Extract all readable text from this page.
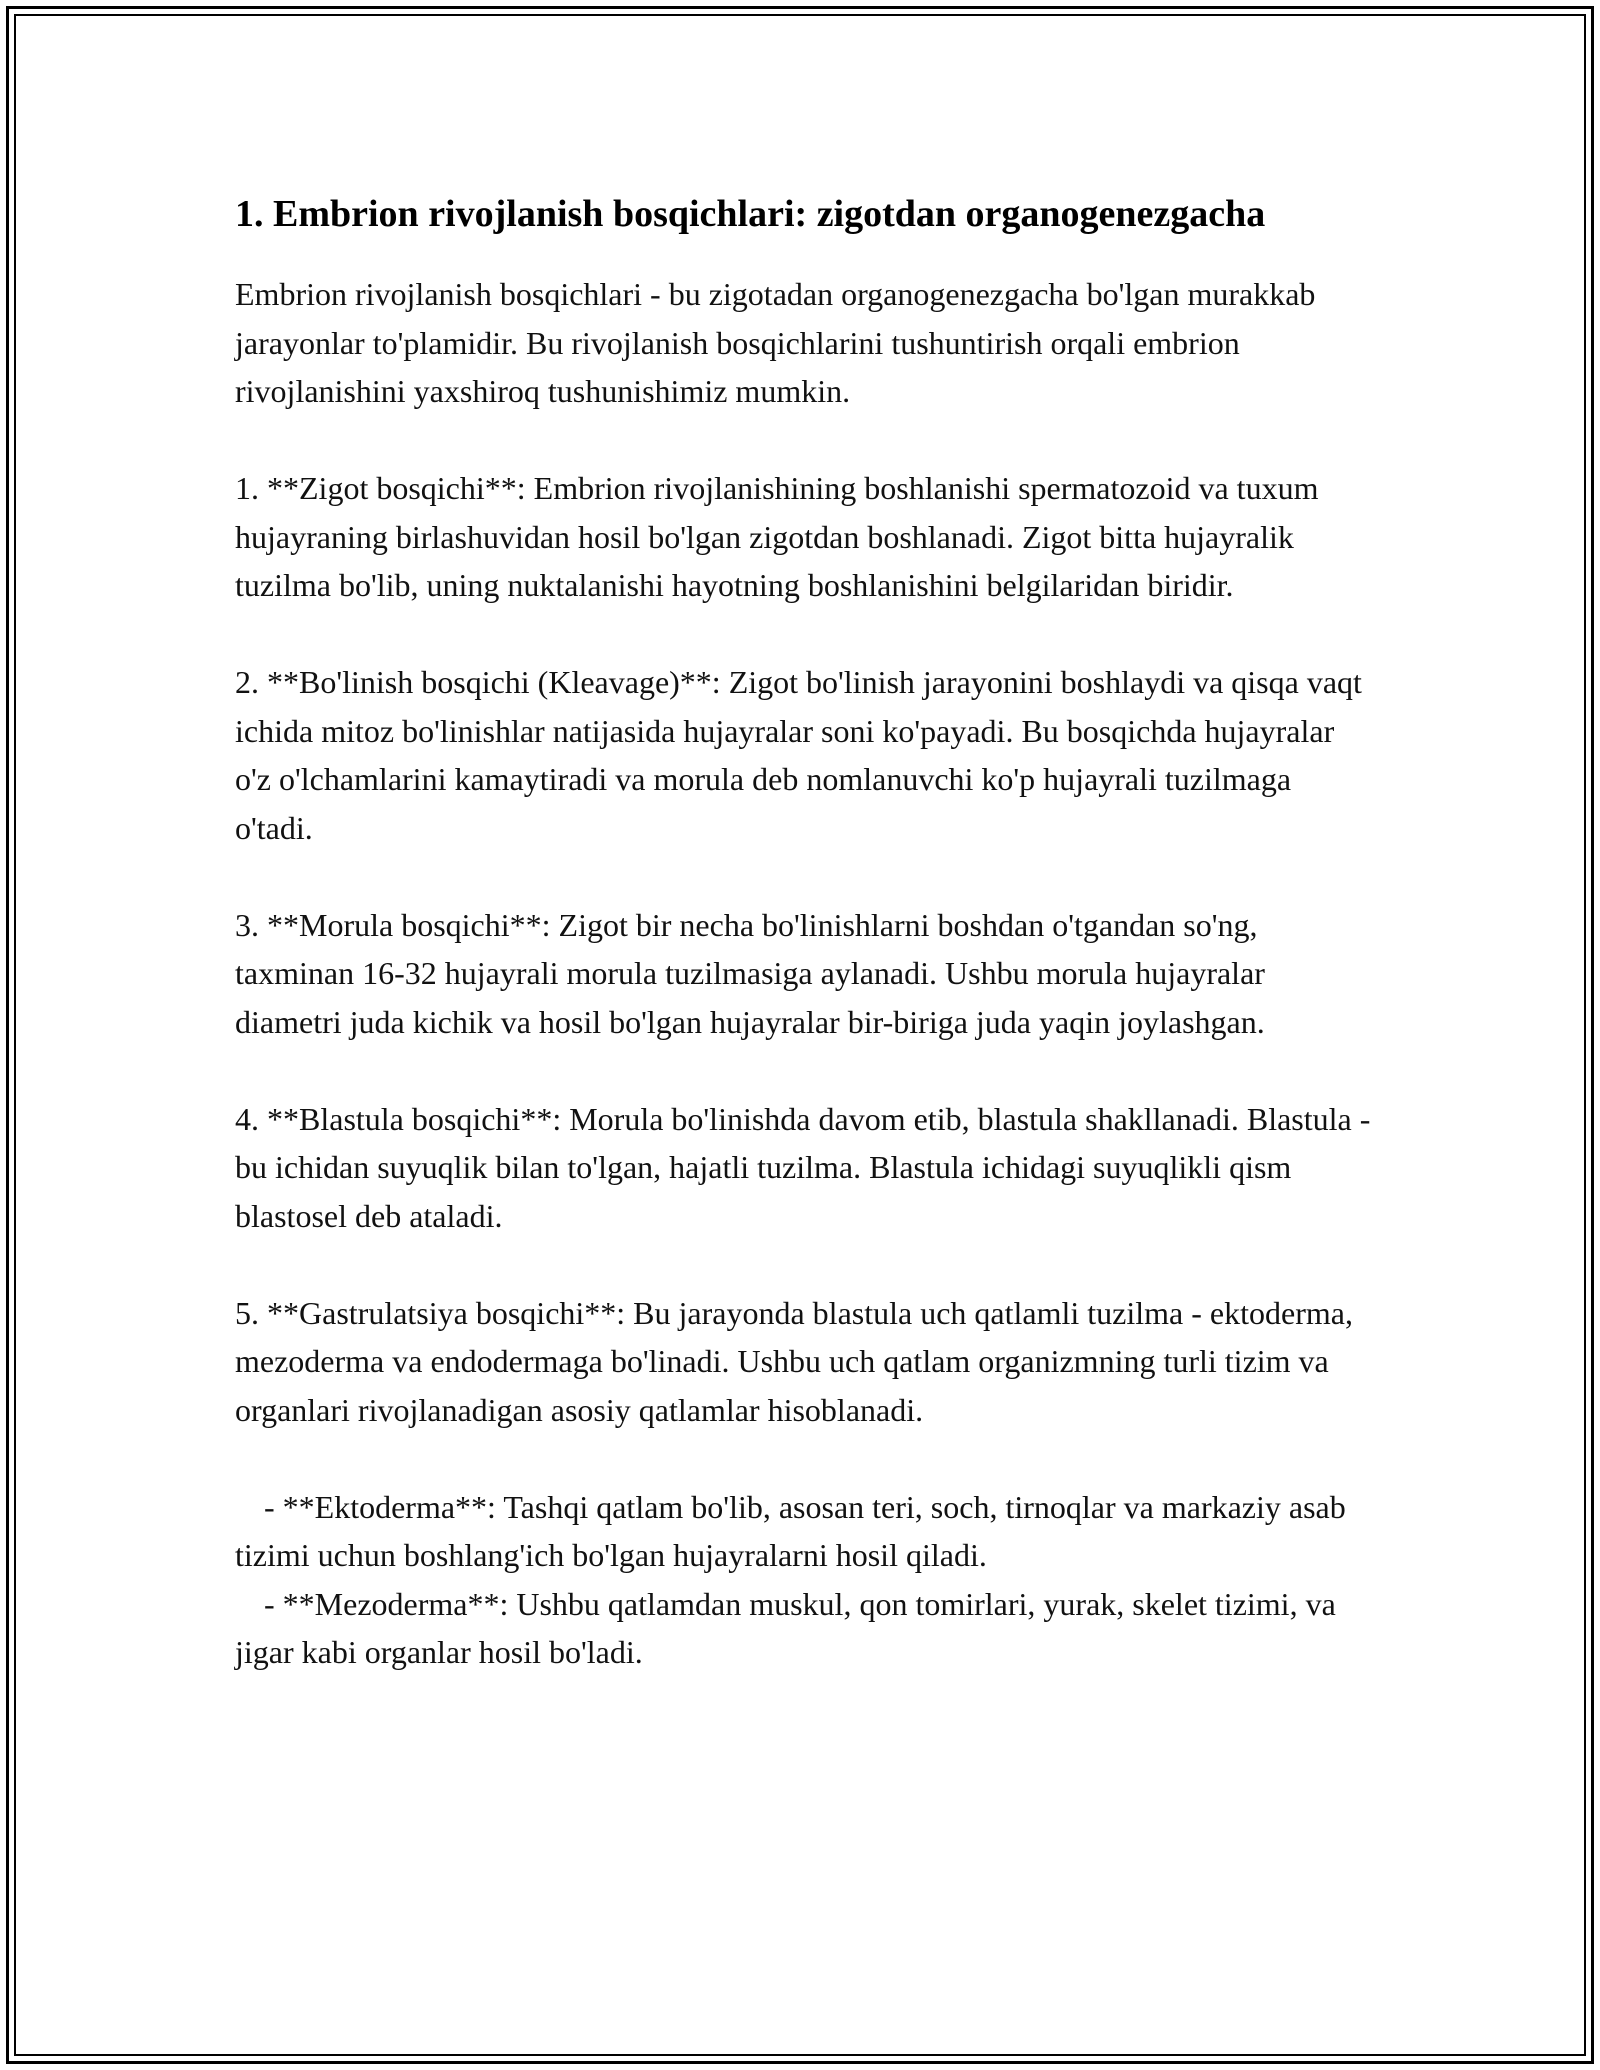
1. Embrion rivojlanish bosqichlari: zigotdan organogenezgacha

Embrion rivojlanish bosqichlari - bu zigotadan organogenezgacha bo'lgan murakkab jarayonlar to'plamidir. Bu rivojlanish bosqichlarini tushuntirish orqali embrion rivojlanishini yaxshiroq tushunishimiz mumkin.

1. **Zigot bosqichi**: Embrion rivojlanishining boshlanishi spermatozoid va tuxum hujayraning birlashuvidan hosil bo'lgan zigotdan boshlanadi. Zigot bitta hujayralik tuzilma bo'lib, uning nuktalanishi hayotning boshlanishini belgilaridan biridir.

2. **Bo'linish bosqichi (Kleavage)**: Zigot bo'linish jarayonini boshlaydi va qisqa vaqt ichida mitoz bo'linishlar natijasida hujayralar soni ko'payadi. Bu bosqichda hujayralar o'z o'lchamlarini kamaytiradi va morula deb nomlanuvchi ko'p hujayrali tuzilmaga o'tadi.

3. **Morula bosqichi**: Zigot bir necha bo'linishlarni boshdan o'tgandan so'ng, taxminan 16-32 hujayrali morula tuzilmasiga aylanadi. Ushbu morula hujayralar diametri juda kichik va hosil bo'lgan hujayralar bir-biriga juda yaqin joylashgan.

4. **Blastula bosqichi**: Morula bo'linishda davom etib, blastula shakllanadi. Blastula - bu ichidan suyuqlik bilan to'lgan, hajatli tuzilma. Blastula ichidagi suyuqlikli qism blastosel deb ataladi.

5. **Gastrulatsiya bosqichi**: Bu jarayonda blastula uch qatlamli tuzilma - ektoderma, mezoderma va endodermaga bo'linadi. Ushbu uch qatlam organizmning turli tizim va organlari rivojlanadigan asosiy qatlamlar hisoblanadi.

- **Ektoderma**: Tashqi qatlam bo'lib, asosan teri, soch, tirnoqlar va markaziy asab tizimi uchun boshlang'ich bo'lgan hujayralarni hosil qiladi.

- **Mezoderma**: Ushbu qatlamdan muskul, qon tomirlari, yurak, skelet tizimi, va jigar kabi organlar hosil bo'ladi.
